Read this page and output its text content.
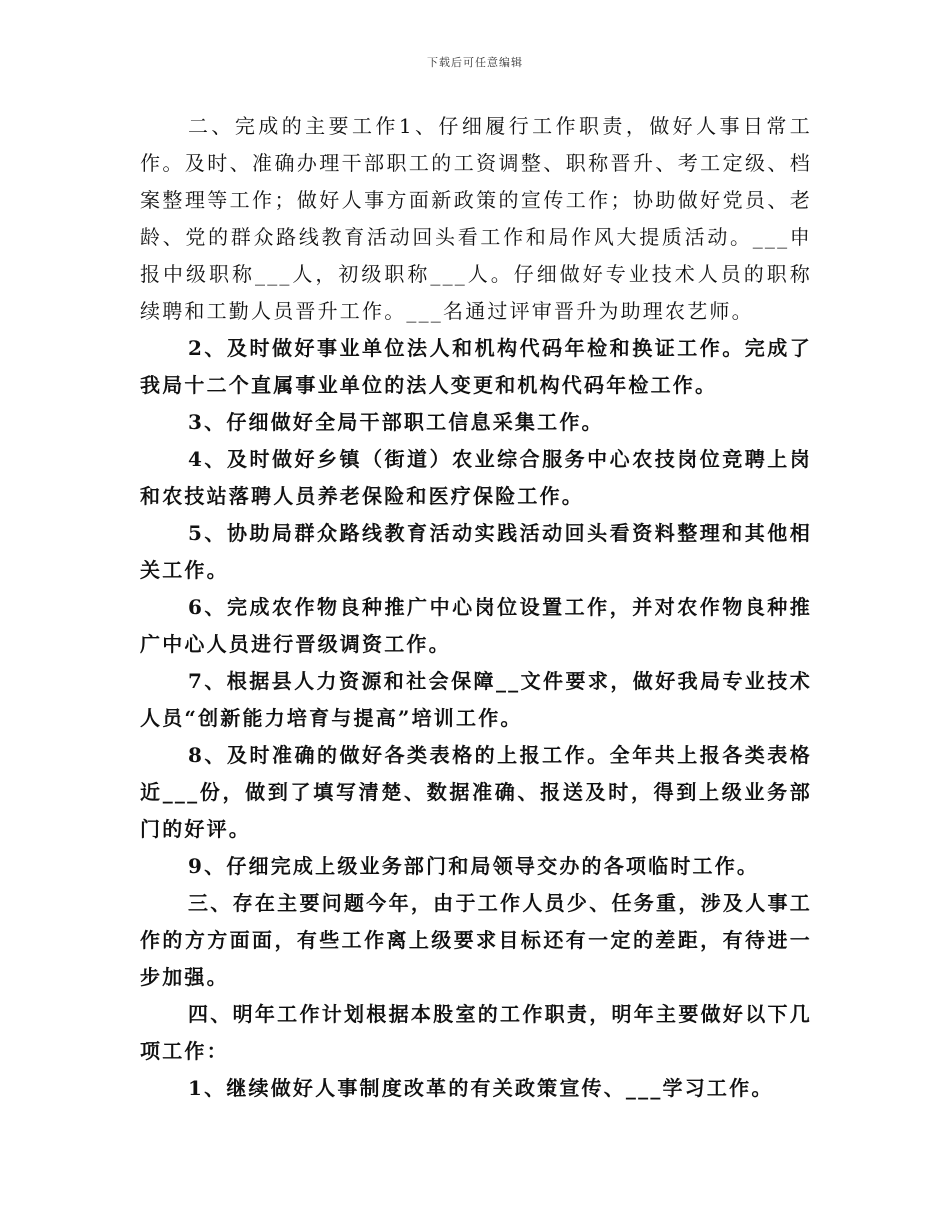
下载后可任意编辑

二、完成的主要工作1、仔细履行工作职责，做好人事日常工作。及时、准确办理干部职工的工资调整、职称晋升、考工定级、档案整理等工作；做好人事方面新政策的宣传工作；协助做好党员、老龄、党的群众路线教育活动回头看工作和局作风大提质活动。___申报中级职称___人，初级职称___人。仔细做好专业技术人员的职称续聘和工勤人员晋升工作。___名通过评审晋升为助理农艺师。

2、及时做好事业单位法人和机构代码年检和换证工作。完成了我局十二个直属事业单位的法人变更和机构代码年检工作。

3、仔细做好全局干部职工信息采集工作。

4、及时做好乡镇（街道）农业综合服务中心农技岗位竞聘上岗和农技站落聘人员养老保险和医疗保险工作。

5、协助局群众路线教育活动实践活动回头看资料整理和其他相关工作。

6、完成农作物良种推广中心岗位设置工作，并对农作物良种推广中心人员进行晋级调资工作。

7、根据县人力资源和社会保障__文件要求，做好我局专业技术人员“创新能力培育与提高”培训工作。

8、及时准确的做好各类表格的上报工作。全年共上报各类表格近___份，做到了填写清楚、数据准确、报送及时，得到上级业务部门的好评。

9、仔细完成上级业务部门和局领导交办的各项临时工作。

三、存在主要问题今年，由于工作人员少、任务重，涉及人事工作的方方面面，有些工作离上级要求目标还有一定的差距，有待进一步加强。

四、明年工作计划根据本股室的工作职责，明年主要做好以下几项工作：

1、继续做好人事制度改革的有关政策宣传、___学习工作。
